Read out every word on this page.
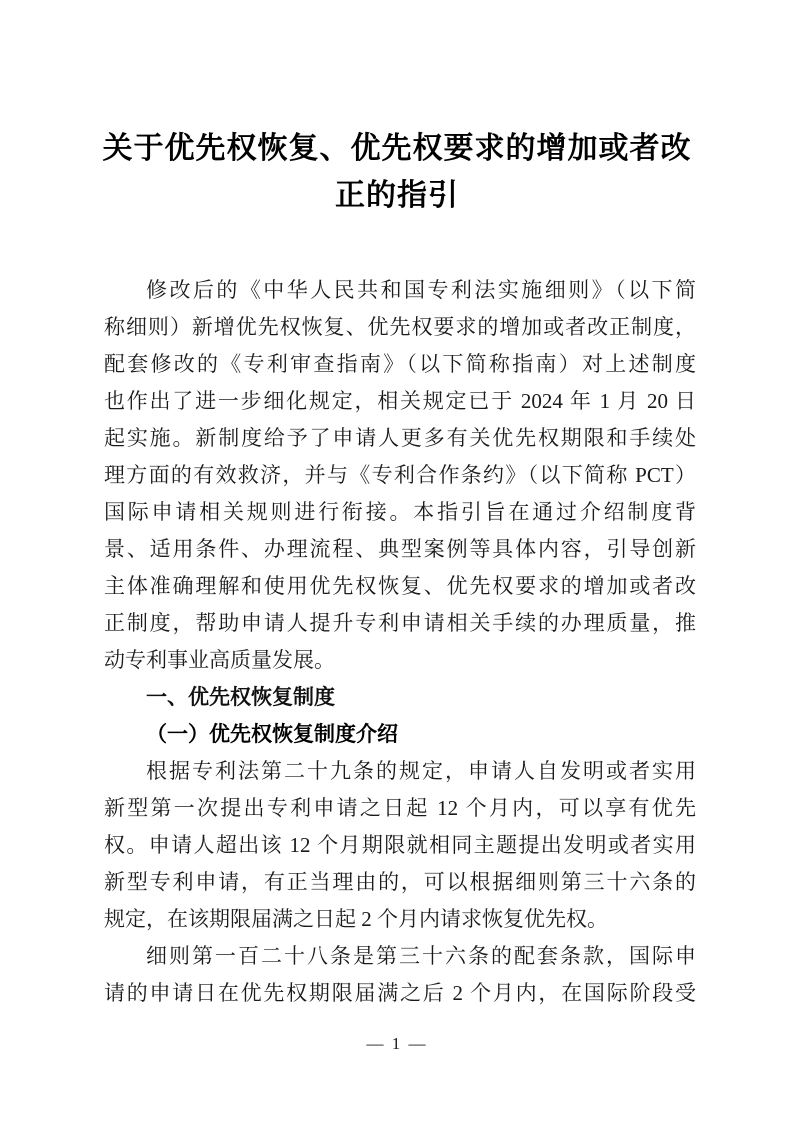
关于优先权恢复、优先权要求的增加或者改
正的指引
修改后的《中华人民共和国专利法实施细则》（以下简
称细则）新增优先权恢复、优先权要求的增加或者改正制度，
配套修改的《专利审查指南》（以下简称指南）对上述制度
也作出了进一步细化规定，相关规定已于 2024 年 1 月 20 日
起实施。新制度给予了申请人更多有关优先权期限和手续处
理方面的有效救济，并与《专利合作条约》（以下简称 PCT）
国际申请相关规则进行衔接。本指引旨在通过介绍制度背
景、适用条件、办理流程、典型案例等具体内容，引导创新
主体准确理解和使用优先权恢复、优先权要求的增加或者改
正制度，帮助申请人提升专利申请相关手续的办理质量，推
动专利事业高质量发展。
一、优先权恢复制度
（一）优先权恢复制度介绍
根据专利法第二十九条的规定，申请人自发明或者实用
新型第一次提出专利申请之日起 12 个月内，可以享有优先
权。申请人超出该 12 个月期限就相同主题提出发明或者实用
新型专利申请，有正当理由的，可以根据细则第三十六条的
规定，在该期限届满之日起 2 个月内请求恢复优先权。
细则第一百二十八条是第三十六条的配套条款，国际申
请的申请日在优先权期限届满之后 2 个月内，在国际阶段受
— 1 —
